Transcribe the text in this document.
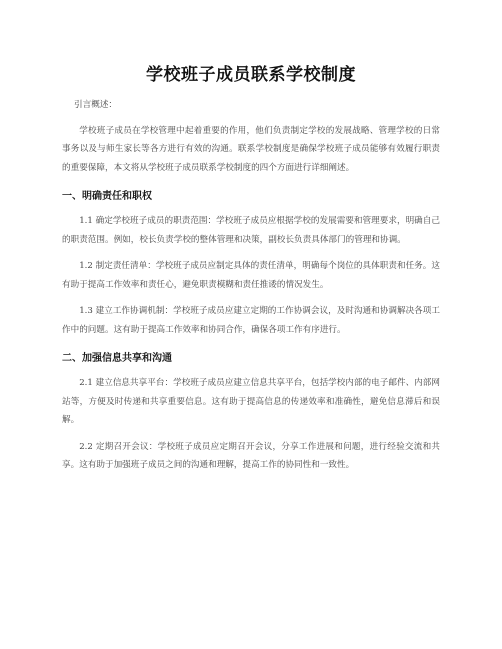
学校班子成员联系学校制度

引言概述：

学校班子成员在学校管理中起着重要的作用，他们负责制定学校的发展战略、管理学校的日常事务以及与师生家长等各方进行有效的沟通。联系学校制度是确保学校班子成员能够有效履行职责的重要保障，本文将从学校班子成员联系学校制度的四个方面进行详细阐述。

一、明确责任和职权

1.1 确定学校班子成员的职责范围：学校班子成员应根据学校的发展需要和管理要求，明确自己的职责范围。例如，校长负责学校的整体管理和决策，副校长负责具体部门的管理和协调。

1.2 制定责任清单：学校班子成员应制定具体的责任清单，明确每个岗位的具体职责和任务。这有助于提高工作效率和责任心，避免职责模糊和责任推诿的情况发生。

1.3 建立工作协调机制：学校班子成员应建立定期的工作协调会议，及时沟通和协调解决各项工作中的问题。这有助于提高工作效率和协同合作，确保各项工作有序进行。

二、加强信息共享和沟通

2.1 建立信息共享平台：学校班子成员应建立信息共享平台，包括学校内部的电子邮件、内部网站等，方便及时传递和共享重要信息。这有助于提高信息的传递效率和准确性，避免信息滞后和误解。

2.2 定期召开会议：学校班子成员应定期召开会议，分享工作进展和问题，进行经验交流和共享。这有助于加强班子成员之间的沟通和理解，提高工作的协同性和一致性。
